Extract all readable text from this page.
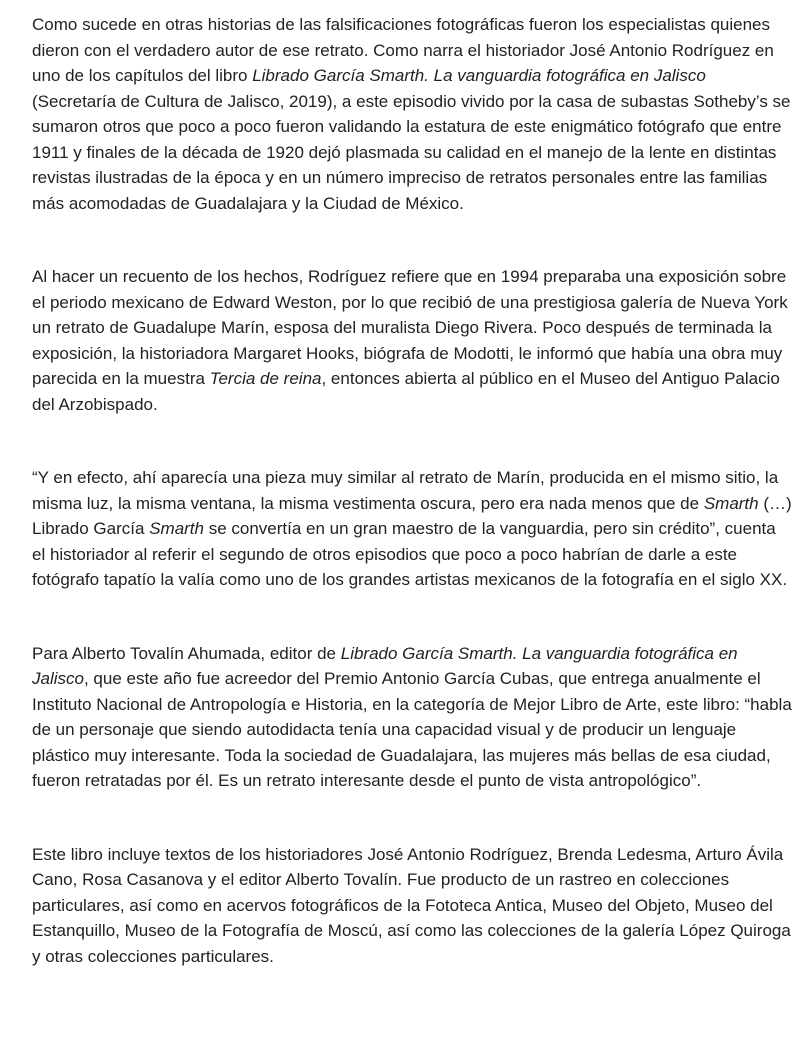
Como sucede en otras historias de las falsificaciones fotográficas fueron los especialistas quienes dieron con el verdadero autor de ese retrato. Como narra el historiador José Antonio Rodríguez en uno de los capítulos del libro Librado García Smarth. La vanguardia fotográfica en Jalisco (Secretaría de Cultura de Jalisco, 2019), a este episodio vivido por la casa de subastas Sotheby’s se sumaron otros que poco a poco fueron validando la estatura de este enigmático fotógrafo que entre 1911 y finales de la década de 1920 dejó plasmada su calidad en el manejo de la lente en distintas revistas ilustradas de la época y en un número impreciso de retratos personales entre las familias más acomodadas de Guadalajara y la Ciudad de México.

Al hacer un recuento de los hechos, Rodríguez refiere que en 1994 preparaba una exposición sobre el periodo mexicano de Edward Weston, por lo que recibió de una prestigiosa galería de Nueva York un retrato de Guadalupe Marín, esposa del muralista Diego Rivera. Poco después de terminada la exposición, la historiadora Margaret Hooks, biógrafa de Modotti, le informó que había una obra muy parecida en la muestra Tercia de reina, entonces abierta al público en el Museo del Antiguo Palacio del Arzobispado.

“Y en efecto, ahí aparecía una pieza muy similar al retrato de Marín, producida en el mismo sitio, la misma luz, la misma ventana, la misma vestimenta oscura, pero era nada menos que de Smarth (…) Librado García Smarth se convertía en un gran maestro de la vanguardia, pero sin crédito”, cuenta el historiador al referir el segundo de otros episodios que poco a poco habrían de darle a este fotógrafo tapatío la valía como uno de los grandes artistas mexicanos de la fotografía en el siglo XX.

Para Alberto Tovalín Ahumada, editor de Librado García Smarth. La vanguardia fotográfica en Jalisco, que este año fue acreedor del Premio Antonio García Cubas, que entrega anualmente el Instituto Nacional de Antropología e Historia, en la categoría de Mejor Libro de Arte, este libro: “habla de un personaje que siendo autodidacta tenía una capacidad visual y de producir un lenguaje plástico muy interesante. Toda la sociedad de Guadalajara, las mujeres más bellas de esa ciudad, fueron retratadas por él. Es un retrato interesante desde el punto de vista antropológico”.

Este libro incluye textos de los historiadores José Antonio Rodríguez, Brenda Ledesma, Arturo Ávila Cano, Rosa Casanova y el editor Alberto Tovalín. Fue producto de un rastreo en colecciones particulares, así como en acervos fotográficos de la Fototeca Antica, Museo del Objeto, Museo del Estanquillo, Museo de la Fotografía de Moscú, así como las colecciones de la galería López Quiroga y otras colecciones particulares.
